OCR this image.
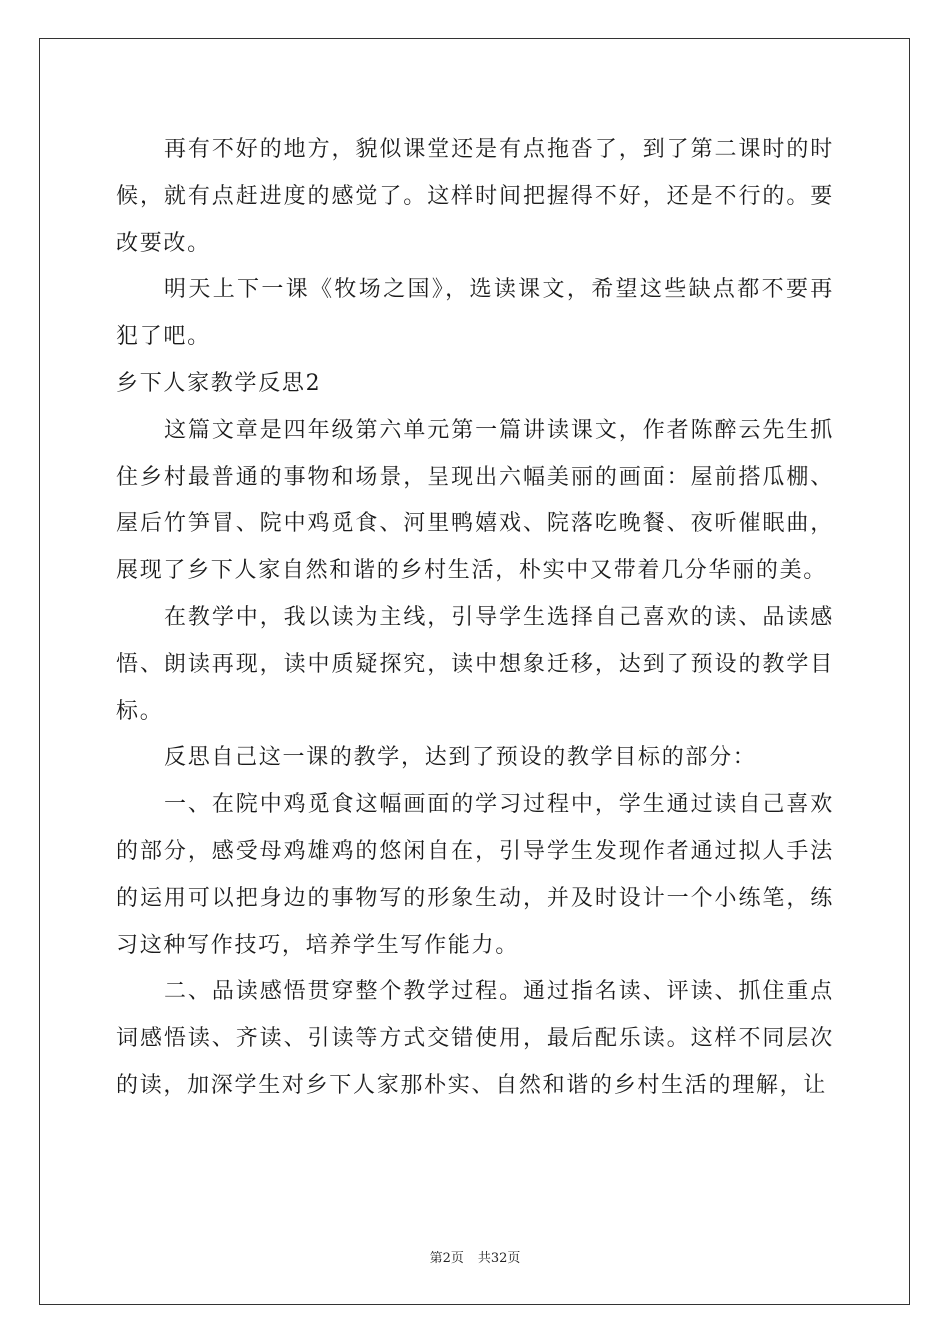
再有不好的地方，貌似课堂还是有点拖沓了，到了第二课时的时候，就有点赶进度的感觉了。这样时间把握得不好，还是不行的。要改要改。

明天上下一课《牧场之国》，选读课文，希望这些缺点都不要再犯了吧。

乡下人家教学反思2

这篇文章是四年级第六单元第一篇讲读课文，作者陈醉云先生抓住乡村最普通的事物和场景，呈现出六幅美丽的画面：屋前搭瓜棚、屋后竹笋冒、院中鸡觅食、河里鸭嬉戏、院落吃晚餐、夜听催眠曲，展现了乡下人家自然和谐的乡村生活，朴实中又带着几分华丽的美。

在教学中，我以读为主线，引导学生选择自己喜欢的读、品读感悟、朗读再现，读中质疑探究，读中想象迁移，达到了预设的教学目标。

反思自己这一课的教学，达到了预设的教学目标的部分：

一、在院中鸡觅食这幅画面的学习过程中，学生通过读自己喜欢的部分，感受母鸡雄鸡的悠闲自在，引导学生发现作者通过拟人手法的运用可以把身边的事物写的形象生动，并及时设计一个小练笔，练习这种写作技巧，培养学生写作能力。

二、品读感悟贯穿整个教学过程。通过指名读、评读、抓住重点词感悟读、齐读、引读等方式交错使用，最后配乐读。这样不同层次的读，加深学生对乡下人家那朴实、自然和谐的乡村生活的理解，让

第2页 共32页
